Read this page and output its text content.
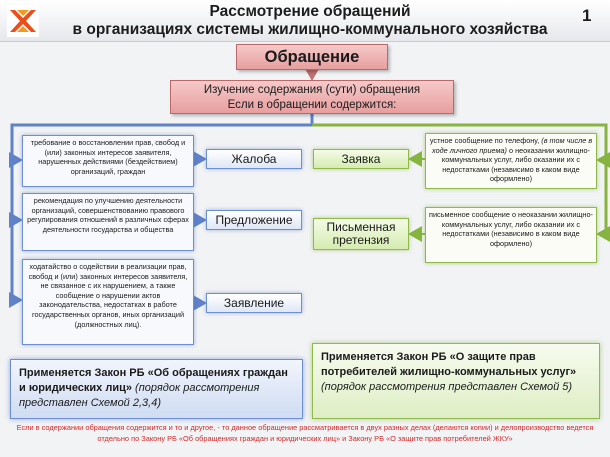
Рассмотрение обращений
в организациях системы жилищно-коммунального хозяйства
1
Обращение
Изучение содержания (сути) обращения
Если в обращении содержится:
требование о восстановлении прав, свобод и (или) законных интересов заявителя, нарушенных действиями (бездействием) организаций, граждан
рекомендация по улучшению деятельности организаций, совершенствованию правового регулирования отношений в различных сферах деятельности государства и общества
ходатайство о содействии в реализации прав, свобод и (или) законных интересов заявителя, не связанное с их нарушением, а также сообщение о нарушении актов законодательства, недостатках в работе государственных органов, иных организаций (должностных лиц).
Жалоба
Предложение
Заявление
Заявка
Письменная претензия
устное сообщение по телефону, (в том числе в ходе личного приема) о неоказании жилищно-коммунальных услуг, либо оказании их с недостатками (независимо в каком виде оформлено)
письменное сообщение о неоказании жилищно-коммунальных услуг, либо оказании их с недостатками (независимо в каком виде оформлено)
Применяется Закон РБ «Об обращениях граждан и юридических лиц» (порядок рассмотрения представлен Схемой 2,3,4)
Применяется Закон РБ «О защите прав потребителей жилищно-коммунальных услуг» (порядок рассмотрения представлен Схемой 5)
Если в содержании обращения содержится и то и другое, - то данное обращение рассматривается в двух разных делах (делаются копии) и делопроизводство ведется отдельно по Закону РБ «Об обращениях граждан и юридических лиц» и Закону РБ «О защите прав потребителей ЖКУ»
